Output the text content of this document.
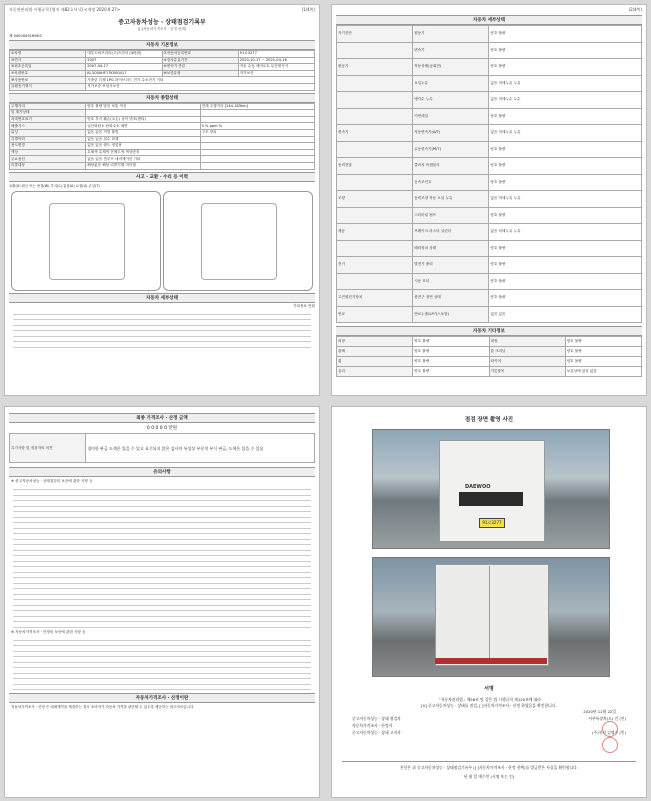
자동차관리법 시행규칙 [별지 제82호서식] <개정 2020.9.27>	(1/4쪽)
중고자동차성능 · 상태점검기록부
([ ]자동차가격조사 · 산정 선택)
제 04000091698호
자동차 기본정보
①차명	대우트럭프리마(고)프리마 (4바퀴)	②자동차등록번호	91로3277
③연식	2007	④검사유효기간	2020-10-17 ~ 2021-04-16
⑤최초등록일	2007-04-17	⑥변속기 종류	자동 수동 세미오토 무단변속기
⑦차대번호	KL3C6AHF17K000417	⑧보증유형	자가보증
⑨사용연료	가솔린 디젤 LPG 하이브리드 전기 수소전기 기타		
⑪원동기형식	자가보증 보험사보증		
자동차 종합상태
주행거리	양호 불량 많음 보통 적음	현재 주행거리 [144,183km]
및 계기상태		
차대번호표기	양호 부식 훼손(오손) 상이 변조(변타)	
배출가스	일산화탄소 탄화수소 매연	0 % ppm %
튜닝	없음 있음 적법 불법	구조 장치
특별이력	없음 있음 침수 화재	
용도변경	없음 있음 렌트 영업용	
색상	무채색 유채색 전체도색 색상변경	
주요옵션	없음 있음 썬루프 네비게이션 기타	
리콜대상	해당없음 해당 리콜이행 미이행	
사고 · 교환 · 수리 등 이력
교환(X) 판금 또는 용접(W) 부식(C) 흠집(A) 요철(U) 손상(T)
자동차 세부상태
기타정보 만원
(2/4쪽)
자동차 세부상태
자기진단	원동기	양호 불량
	변속기	양호 불량
원동기	작동상태(공회전)	양호 불량
	오일누유	없음 미세누유 누유
	냉각수 누수	없음 미세누수 누수
	커먼레일	양호 불량
변속기	자동변속기(A/T)	없음 미세누유 누유
	수동변속기(M/T)	양호 불량
동력전달	클러치 어셈블리	양호 불량
	등속조인트	양호 불량
조향	동력조향 작동 오일 누유	없음 미세누유 누유
	스티어링 펌프	양호 불량
제동	브레이크 마스터 실린더	없음 미세누유 누유
	배력장치 상태	양호 불량
전기	발전기 출력	양호 불량
	시동 모터	양호 불량
고전원전기장치	충전구 절연 상태	양호 불량
연료	연료누출(LP가스포함)	없음 있음
자동차 기타정보
외장	양호 불량	내장	양호 불량
광택	양호 불량	룸 크리닝	양호 불량
휠	양호 불량	타이어	양호 불량
유리	양호 불량	기본품목	보유상태 있음 없음
최종 가격조사 · 산정 금액
0 0 0 0 0 만원
특기사항 및 점검자의 의견	경미한 판금 도색은 있을 수 있고 표기되지 않은 검사차 특성상 부분적 부식 판금, 도색은 있을 수 있음
유의사항
※ 중고자동차성능 · 상태점검의 보증에 관한 사항 등
※ 자동차가격조사 · 산정의 보증에 관한 사항 등
자동차가격조사 · 산정이란
자동차가격조사 · 산정 은 매매계약을 체결하는 경우 소비자가 자동차 가격을 판단할 수 있도록 제공하는 참고자료입니다.
점검 장면 촬영 사진
DAEWOO
91로3277
서명
「자동차관리법」제58조 및 같은 법 시행규칙 제120조에 따라
[V] 중고자동차성능 · 상태를 점검, [ ]자동차가격조사 · 산정 하였음을 확인합니다.
2020년 12월 22일
중고자동차성능 · 상태 점검자	서부특장차(오) 건 (인)
자동차가격조사 · 산정자
중고자동차성능 · 상태 고지자	(주)천지 김명수 (인)
본인은 위 중고자동차성능 · 상태점검기록부 ([ ]자동차가격조사 · 산정 선택)를 발급받은 사실을 확인합니다.
년 월 일 매수인 (서명 또는 인)
